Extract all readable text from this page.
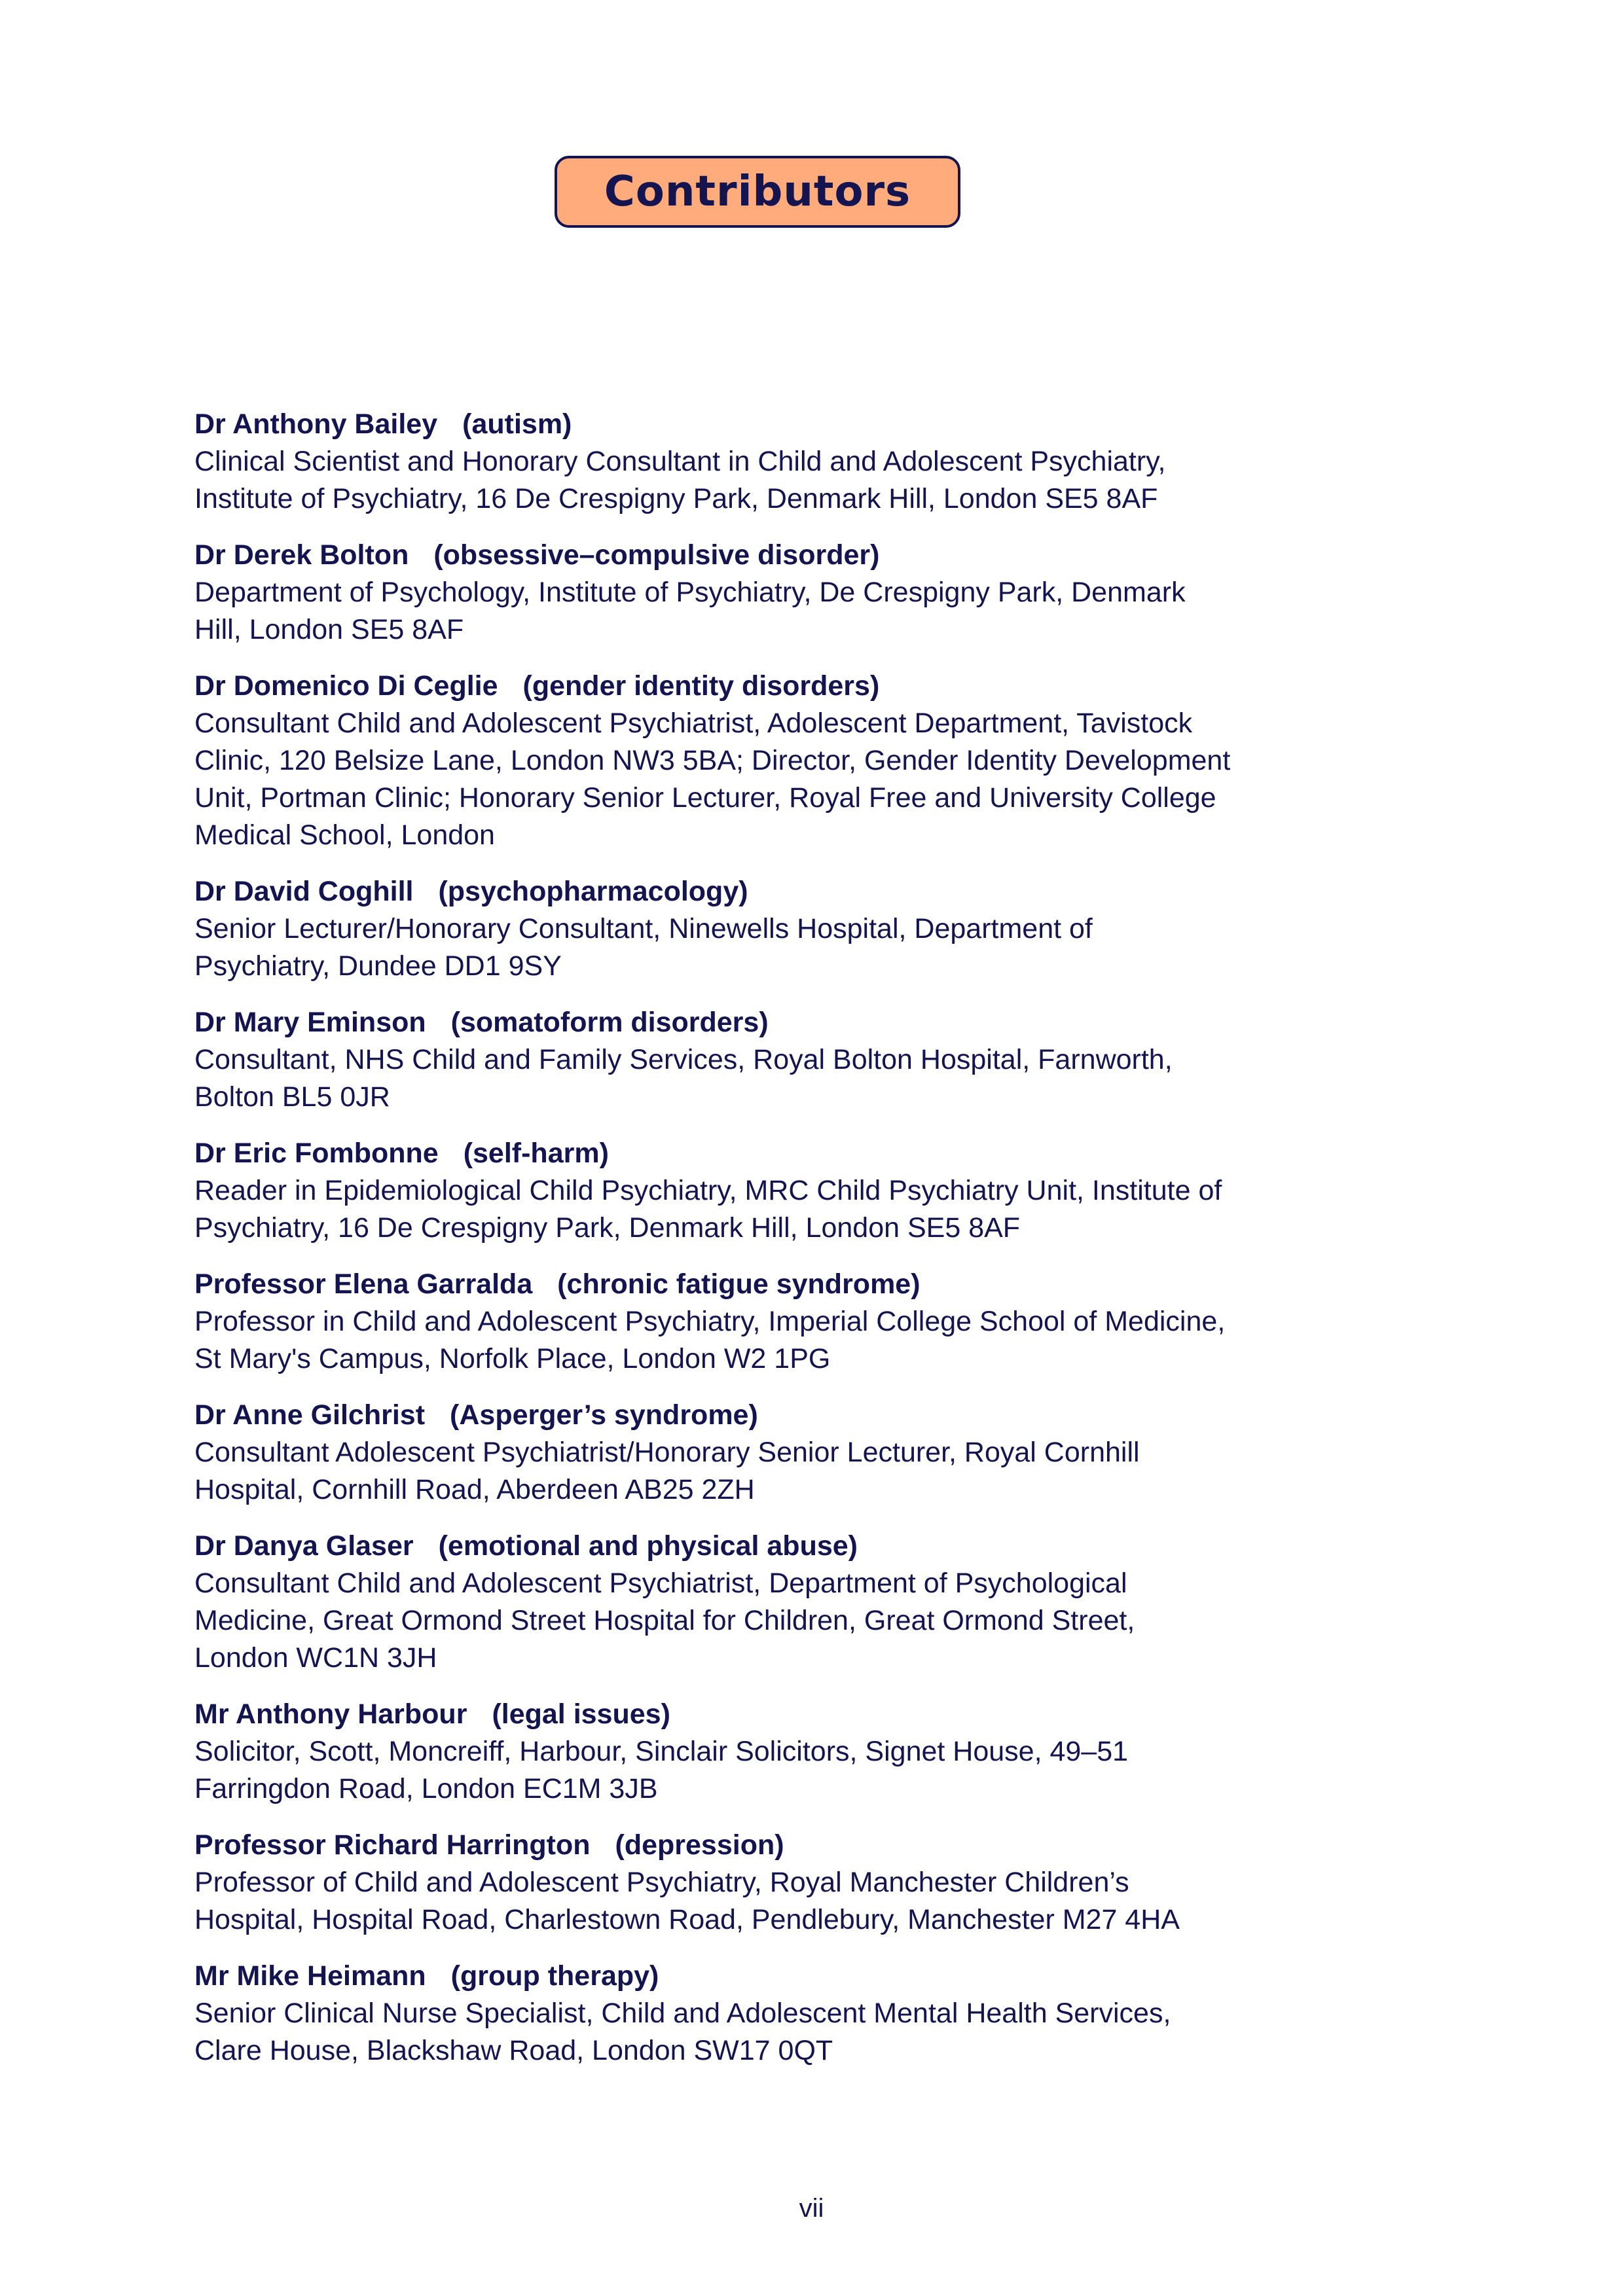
Contributors
Dr Anthony Bailey (autism)
Clinical Scientist and Honorary Consultant in Child and Adolescent Psychiatry,
Institute of Psychiatry, 16 De Crespigny Park, Denmark Hill, London SE5 8AF
Dr Derek Bolton (obsessive–compulsive disorder)
Department of Psychology, Institute of Psychiatry, De Crespigny Park, Denmark
Hill, London SE5 8AF
Dr Domenico Di Ceglie (gender identity disorders)
Consultant Child and Adolescent Psychiatrist, Adolescent Department, Tavistock
Clinic, 120 Belsize Lane, London NW3 5BA; Director, Gender Identity Development
Unit, Portman Clinic; Honorary Senior Lecturer, Royal Free and University College
Medical School, London
Dr David Coghill (psychopharmacology)
Senior Lecturer/Honorary Consultant, Ninewells Hospital, Department of
Psychiatry, Dundee DD1 9SY
Dr Mary Eminson (somatoform disorders)
Consultant, NHS Child and Family Services, Royal Bolton Hospital, Farnworth,
Bolton BL5 0JR
Dr Eric Fombonne (self-harm)
Reader in Epidemiological Child Psychiatry, MRC Child Psychiatry Unit, Institute of
Psychiatry, 16 De Crespigny Park, Denmark Hill, London SE5 8AF
Professor Elena Garralda (chronic fatigue syndrome)
Professor in Child and Adolescent Psychiatry, Imperial College School of Medicine,
St Mary's Campus, Norfolk Place, London W2 1PG
Dr Anne Gilchrist (Asperger’s syndrome)
Consultant Adolescent Psychiatrist/Honorary Senior Lecturer, Royal Cornhill
Hospital, Cornhill Road, Aberdeen AB25 2ZH
Dr Danya Glaser (emotional and physical abuse)
Consultant Child and Adolescent Psychiatrist, Department of Psychological
Medicine, Great Ormond Street Hospital for Children, Great Ormond Street,
London WC1N 3JH
Mr Anthony Harbour (legal issues)
Solicitor, Scott, Moncreiff, Harbour, Sinclair Solicitors, Signet House, 49–51
Farringdon Road, London EC1M 3JB
Professor Richard Harrington (depression)
Professor of Child and Adolescent Psychiatry, Royal Manchester Children’s
Hospital, Hospital Road, Charlestown Road, Pendlebury, Manchester M27 4HA
Mr Mike Heimann (group therapy)
Senior Clinical Nurse Specialist, Child and Adolescent Mental Health Services,
Clare House, Blackshaw Road, London SW17 0QT
vii
